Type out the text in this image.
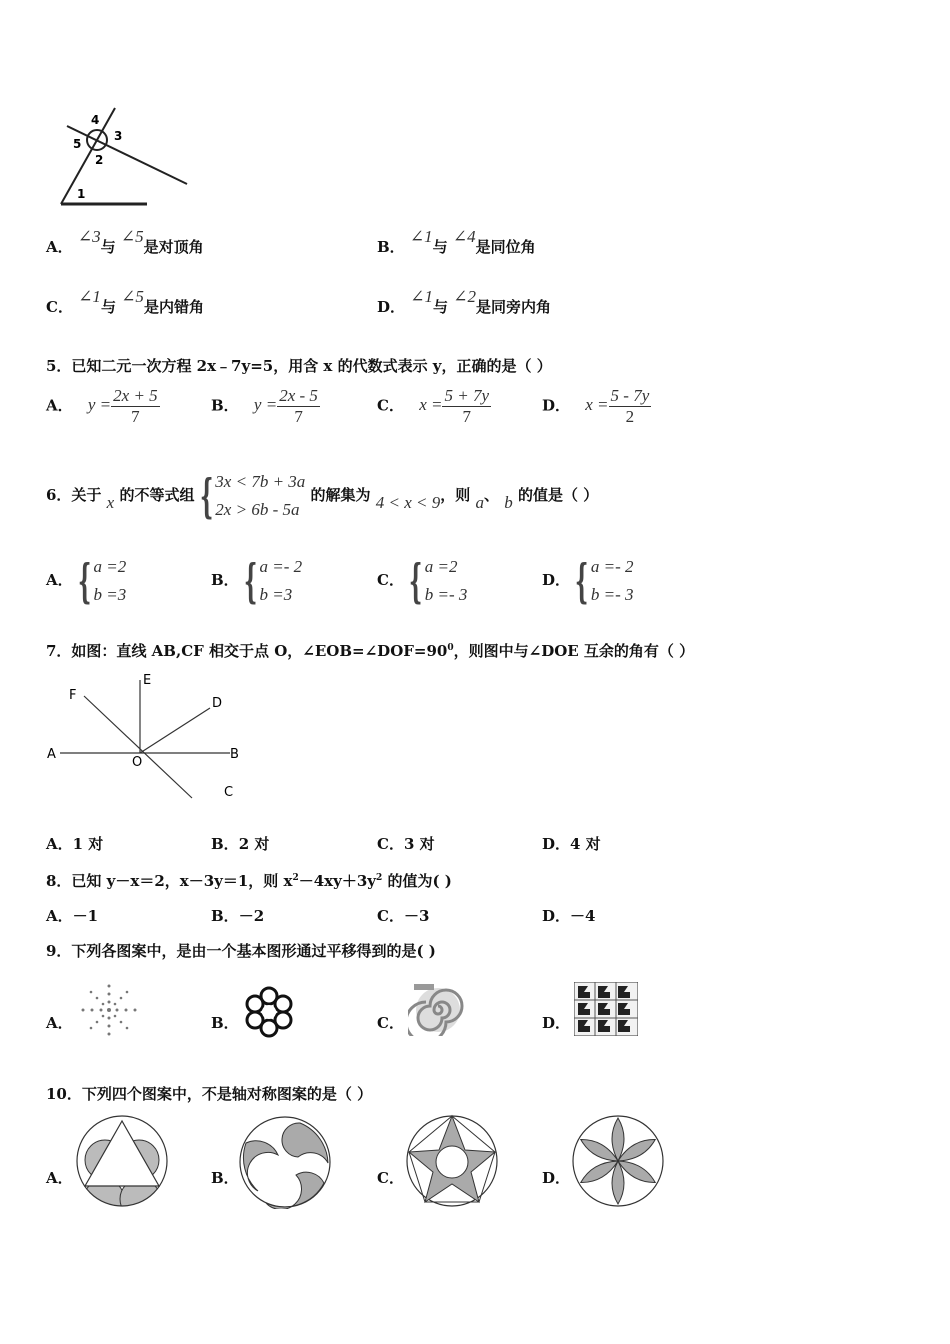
4
3
5
2
1
A． ∠3与 ∠5是对顶角	B． ∠1与 ∠4是同位角
C． ∠1与 ∠5是内错角	D． ∠1与 ∠2是同旁内角
5．已知二元一次方程 2x﹣7y=5，用含 x 的代数式表示 y，正确的是（ ）
A． $y = \frac{2x + 5}{7}$	B． $y = \frac{2x - 5}{7}$	C． $x = \frac{5 + 7y}{7}$	D． $x = \frac{5 - 7y}{2}$
6．关于 x 的不等式组 { 3x < 7b + 3a
2x > 6b - 5a
的解集为 4 < x < 9，则 a、 b 的值是（ ）
A． { a =2
b =3
B． { a =- 2
b =3
C． { a =2
b =- 3
D． { a =- 2
b =- 3
7．如图：直线 AB,CF 相交于点 O，$\angle EOB=\angle DOF=90^0$，则图中与∠DOE 互余的角有（ ）
F
E
D
A
O
B
C
A．1 对	B．2 对	C．3 对	D．4 对
8．已知 y－x＝2，x－3y＝1，则 $x^2-4xy+3y^2$ 的值为( )
A．－1	B．－2	C．－3	D．－4
9．下列各图案中，是由一个基本图形通过平移得到的是( )
A．	B．	C．	D．
10．下列四个图案中，不是轴对称图案的是（ ）
A．	B．	C．	D．
